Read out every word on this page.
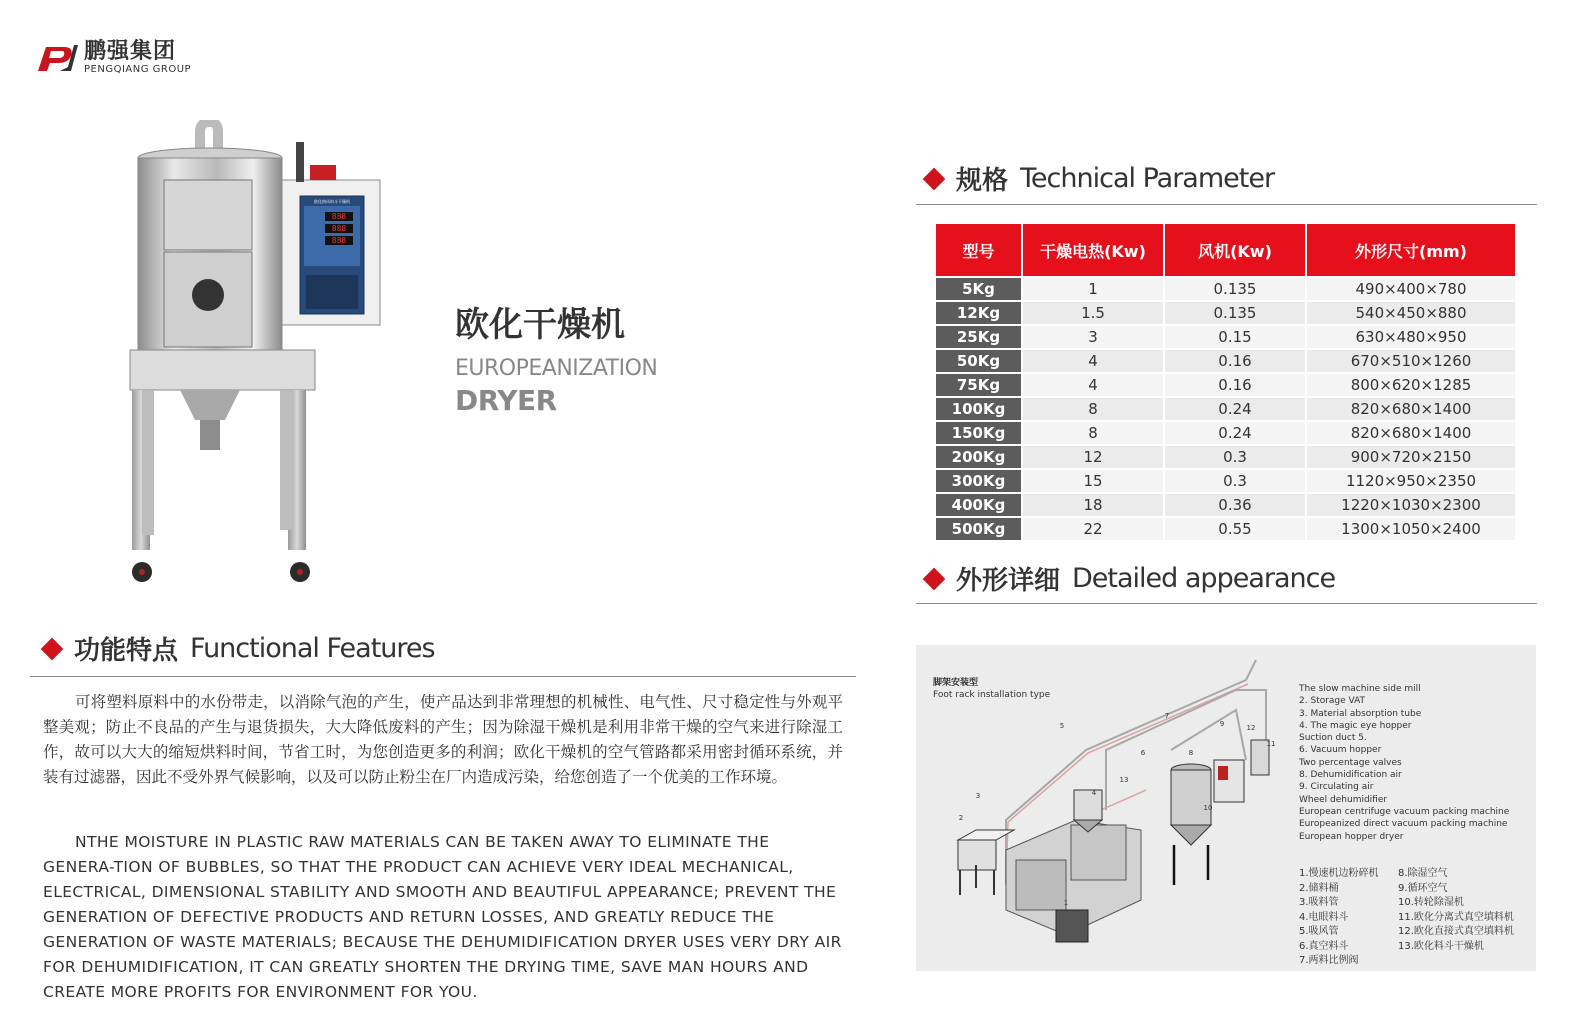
鹏强集团
PENGQIANG GROUP
欧化热风料斗干燥机
888
888
888
欧化干燥机
EUROPEANIZATION
DRYER
规格 Technical Parameter
型号	干燥电热(Kw)	风机(Kw)	外形尺寸(mm)
5Kg	1	0.135	490×400×780
12Kg	1.5	0.135	540×450×880
25Kg	3	0.15	630×480×950
50Kg	4	0.16	670×510×1260
75Kg	4	0.16	800×620×1285
100Kg	8	0.24	820×680×1400
150Kg	8	0.24	820×680×1400
200Kg	12	0.3	900×720×2150
300Kg	15	0.3	1120×950×2350
400Kg	18	0.36	1220×1030×2300
500Kg	22	0.55	1300×1050×2400
外形详细 Detailed appearance
功能特点 Functional Features
可将塑料原料中的水份带走，以消除气泡的产生，使产品达到非常理想的机械性、电气性、尺寸稳定性与外观平整美观；防止不良品的产生与退货损失，大大降低废料的产生；因为除湿干燥机是利用非常干燥的空气来进行除湿工作，故可以大大的缩短烘料时间，节省工时，为您创造更多的利润；欧化干燥机的空气管路都采用密封循环系统，并装有过滤器，因此不受外界气候影响，以及可以防止粉尘在厂内造成污染，给您创造了一个优美的工作环境。
NTHE MOISTURE IN PLASTIC RAW MATERIALS CAN BE TAKEN AWAY TO ELIMINATE THE GENERA-TION OF BUBBLES, SO THAT THE PRODUCT CAN ACHIEVE VERY IDEAL MECHANICAL, ELECTRICAL, DIMENSIONAL STABILITY AND SMOOTH AND BEAUTIFUL APPEARANCE; PREVENT THE GENERATION OF DEFECTIVE PRODUCTS AND RETURN LOSSES, AND GREATLY REDUCE THE GENERATION OF WASTE MATERIALS; BECAUSE THE DEHUMIDIFICATION DRYER USES VERY DRY AIR FOR DEHUMIDIFICATION, IT CAN GREATLY SHORTEN THE DRYING TIME, SAVE MAN HOURS AND CREATE MORE PROFITS FOR ENVIRONMENT FOR YOU.
脚架安装型
Foot rack installation type
1
2
3	4
5
6
7
8
9
10
11
12
13
The slow machine side mill
2. Storage VAT
3. Material absorption tube
4. The magic eye hopper
Suction duct 5.
6. Vacuum hopper
Two percentage valves
8. Dehumidification air
9. Circulating air
Wheel dehumidifier
European centrifuge vacuum packing machine
Europeanized direct vacuum packing machine
European hopper dryer
1.慢速机边粉碎机
2.储料桶
3.吸料管
4.电眼料斗
5.吸风管
6.真空料斗
7.两料比例阀
8.除湿空气
9.循环空气
10.转轮除湿机
11.欧化分离式真空填料机
12.欧化直接式真空填料机
13.欧化料斗干燥机
